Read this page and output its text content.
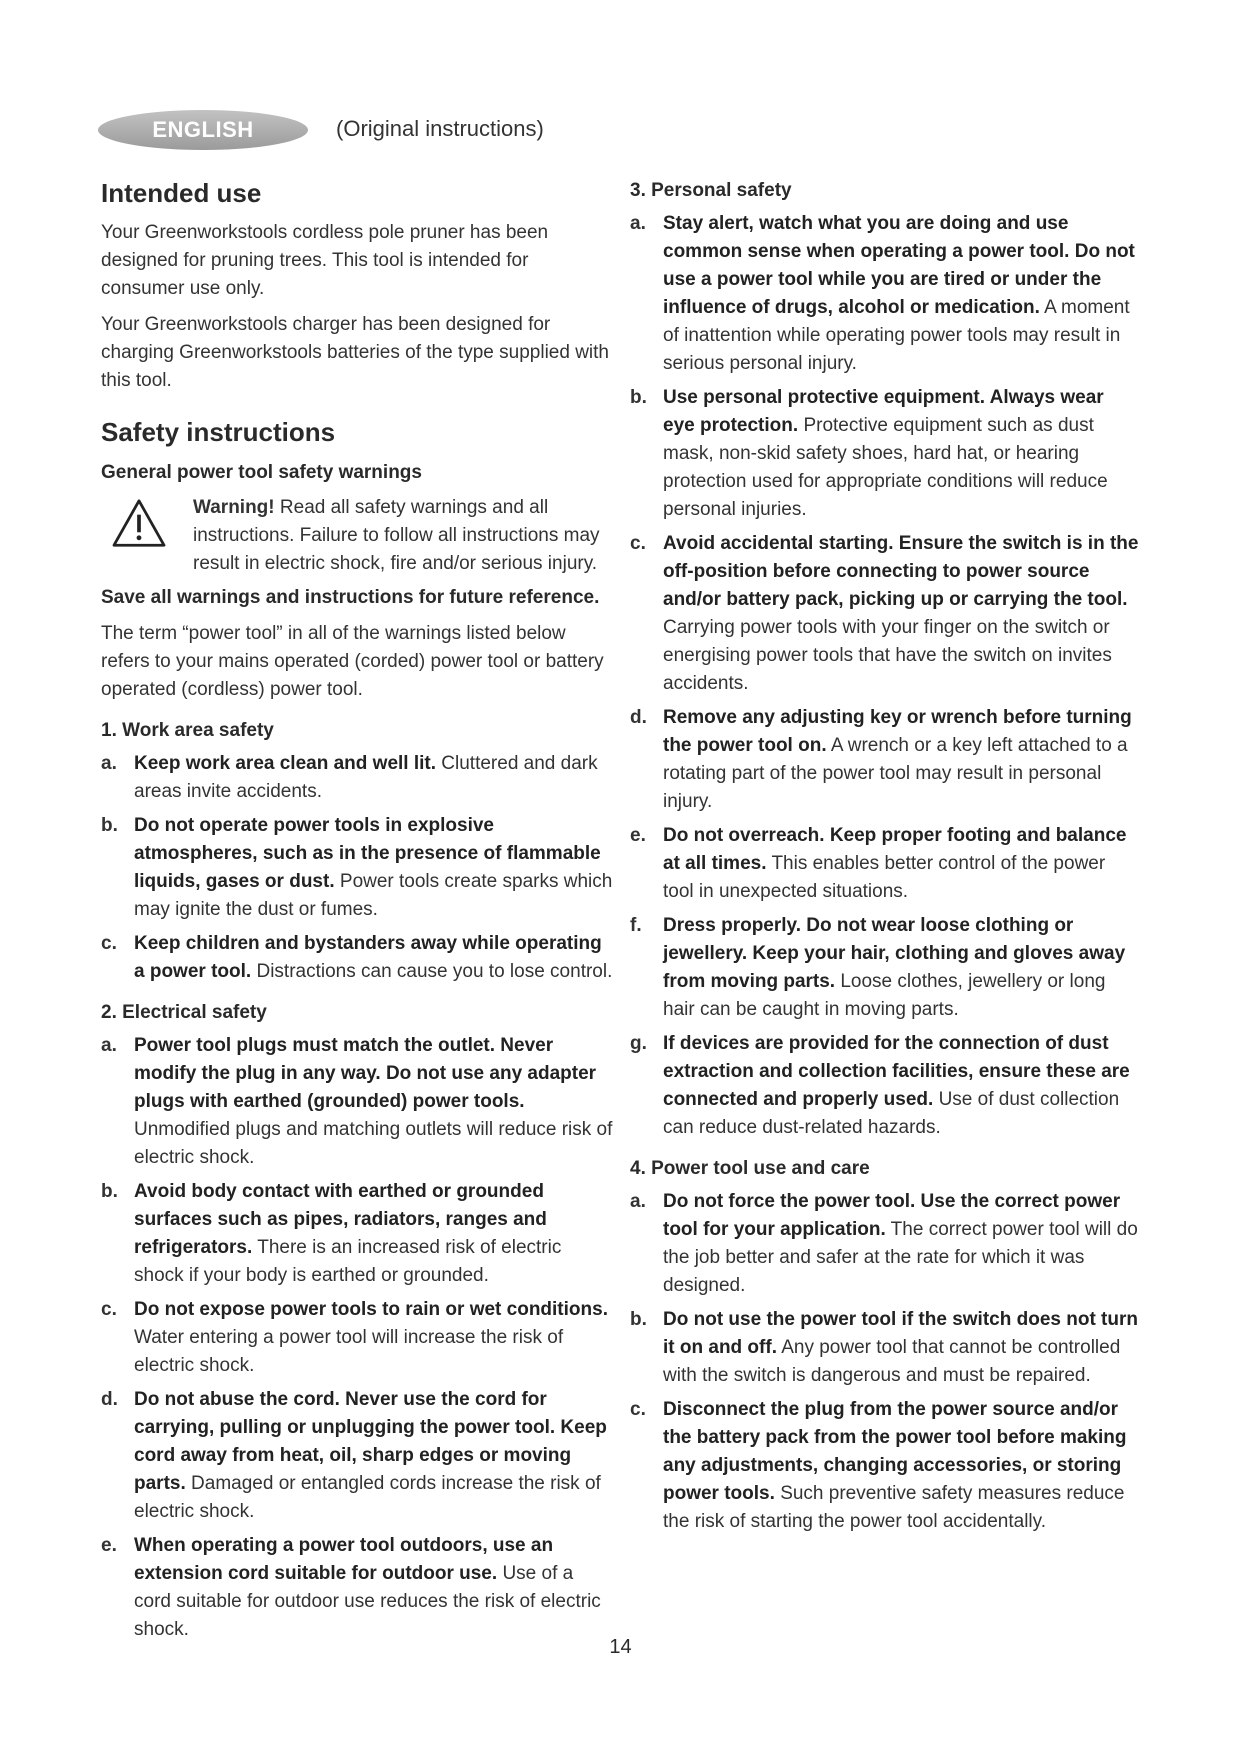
ENGLISH	(Original instructions)
Intended use

Your Greenworkstools cordless pole pruner has been designed for pruning trees. This tool is intended for consumer use only.

Your Greenworkstools charger has been designed for charging Greenworkstools batteries of the type supplied with this tool.

Safety instructions
General power tool safety warnings

Warning! Read all safety warnings and all instructions. Failure to follow all instructions may result in electric shock, fire and/or serious injury.

Save all warnings and instructions for future reference.

The term “power tool” in all of the warnings listed below refers to your mains operated (corded) power tool or battery operated (cordless) power tool.

1. Work area safety
a. Keep work area clean and well lit. Cluttered and dark areas invite accidents.
b. Do not operate power tools in explosive atmospheres, such as in the presence of flammable liquids, gases or dust. Power tools create sparks which may ignite the dust or fumes.
c. Keep children and bystanders away while operating a power tool. Distractions can cause you to lose control.
2. Electrical safety
a. Power tool plugs must match the outlet. Never modify the plug in any way. Do not use any adapter plugs with earthed (grounded) power tools. Unmodified plugs and matching outlets will reduce risk of electric shock.
b. Avoid body contact with earthed or grounded surfaces such as pipes, radiators, ranges and refrigerators. There is an increased risk of electric shock if your body is earthed or grounded.
c. Do not expose power tools to rain or wet conditions. Water entering a power tool will increase the risk of electric shock.
d. Do not abuse the cord. Never use the cord for carrying, pulling or unplugging the power tool. Keep cord away from heat, oil, sharp edges or moving parts. Damaged or entangled cords increase the risk of electric shock.
e. When operating a power tool outdoors, use an extension cord suitable for outdoor use. Use of a cord suitable for outdoor use reduces the risk of electric shock.
3. Personal safety
a. Stay alert, watch what you are doing and use common sense when operating a power tool. Do not use a power tool while you are tired or under the influence of drugs, alcohol or medication. A moment of inattention while operating power tools may result in serious personal injury.
b. Use personal protective equipment. Always wear eye protection. Protective equipment such as dust mask, non-skid safety shoes, hard hat, or hearing protection used for appropriate conditions will reduce personal injuries.
c. Avoid accidental starting. Ensure the switch is in the off-position before connecting to power source and/or battery pack, picking up or carrying the tool. Carrying power tools with your finger on the switch or energising power tools that have the switch on invites accidents.
d. Remove any adjusting key or wrench before turning the power tool on. A wrench or a key left attached to a rotating part of the power tool may result in personal injury.
e. Do not overreach. Keep proper footing and balance at all times. This enables better control of the power tool in unexpected situations.
f. Dress properly. Do not wear loose clothing or jewellery. Keep your hair, clothing and gloves away from moving parts. Loose clothes, jewellery or long hair can be caught in moving parts.
g. If devices are provided for the connection of dust extraction and collection facilities, ensure these are connected and properly used. Use of dust collection can reduce dust-related hazards.
4. Power tool use and care
a. Do not force the power tool. Use the correct power tool for your application. The correct power tool will do the job better and safer at the rate for which it was designed.
b. Do not use the power tool if the switch does not turn it on and off. Any power tool that cannot be controlled with the switch is dangerous and must be repaired.
c. Disconnect the plug from the power source and/or the battery pack from the power tool before making any adjustments, changing accessories, or storing power tools. Such preventive safety measures reduce the risk of starting the power tool accidentally.
14
